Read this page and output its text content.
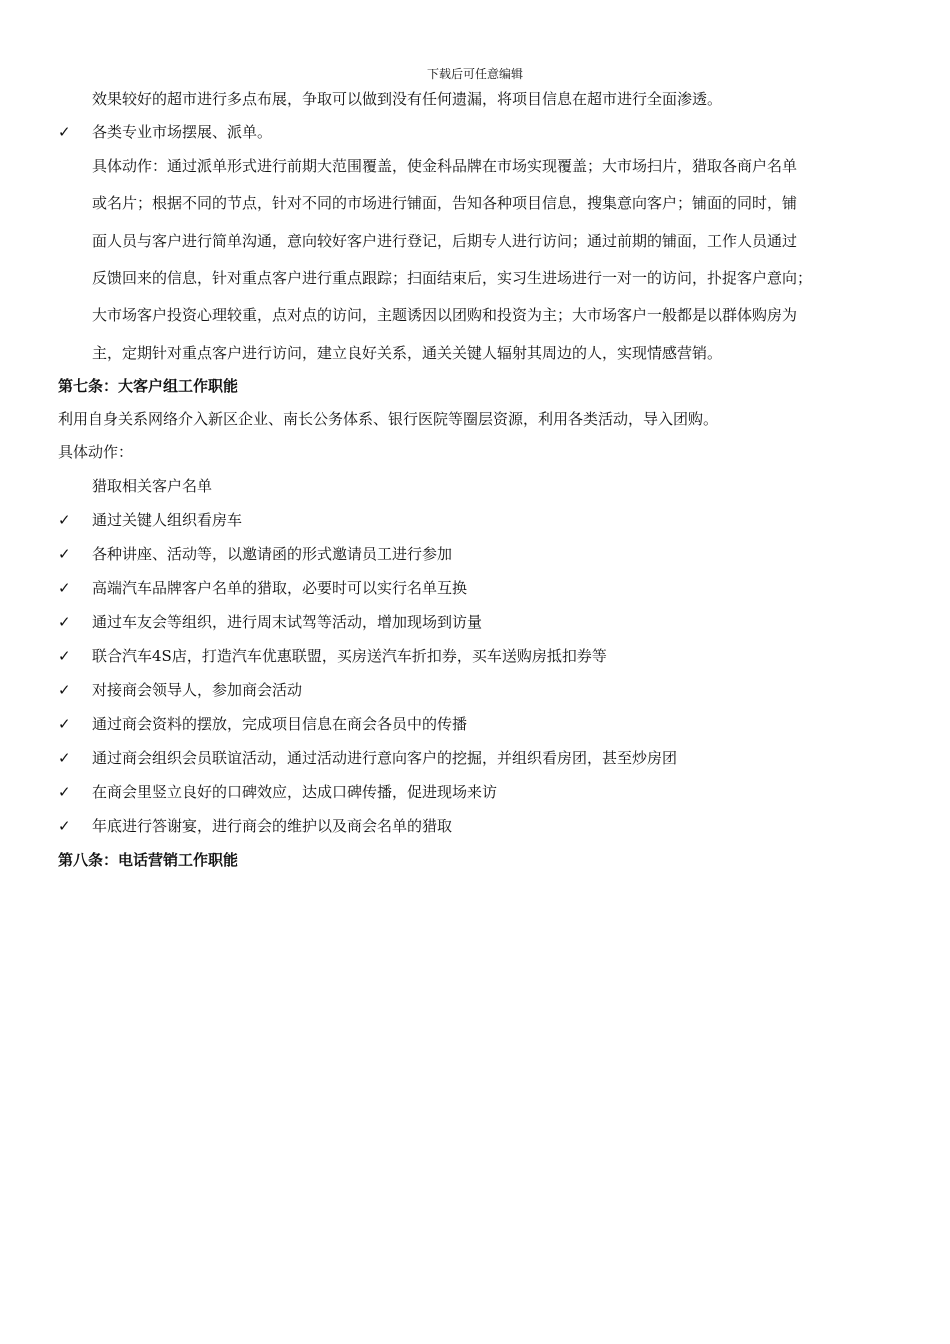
下载后可任意编辑
效果较好的超市进行多点布展，争取可以做到没有任何遗漏，将项目信息在超市进行全面渗透。
✓ 各类专业市场摆展、派单。
具体动作：通过派单形式进行前期大范围覆盖，使金科品牌在市场实现覆盖；大市场扫片，猎取各商户名单
或名片；根据不同的节点，针对不同的市场进行铺面，告知各种项目信息，搜集意向客户；铺面的同时，铺
面人员与客户进行简单沟通，意向较好客户进行登记，后期专人进行访问；通过前期的铺面，工作人员通过
反馈回来的信息，针对重点客户进行重点跟踪；扫面结束后，实习生进场进行一对一的访问，扑捉客户意向；
大市场客户投资心理较重，点对点的访问，主题诱因以团购和投资为主；大市场客户一般都是以群体购房为
主，定期针对重点客户进行访问，建立良好关系，通关关键人辐射其周边的人，实现情感营销。
第七条：大客户组工作职能
利用自身关系网络介入新区企业、南长公务体系、银行医院等圈层资源，利用各类活动，导入团购。
具体动作：
猎取相关客户名单
✓ 通过关键人组织看房车
✓ 各种讲座、活动等，以邀请函的形式邀请员工进行参加
✓ 高端汽车品牌客户名单的猎取，必要时可以实行名单互换
✓ 通过车友会等组织，进行周末试驾等活动，增加现场到访量
✓ 联合汽车4S店，打造汽车优惠联盟，买房送汽车折扣券，买车送购房抵扣券等
✓ 对接商会领导人，参加商会活动
✓ 通过商会资料的摆放，完成项目信息在商会各员中的传播
✓ 通过商会组织会员联谊活动，通过活动进行意向客户的挖掘，并组织看房团，甚至炒房团
✓ 在商会里竖立良好的口碑效应，达成口碑传播，促进现场来访
✓ 年底进行答谢宴，进行商会的维护以及商会名单的猎取
第八条：电话营销工作职能
